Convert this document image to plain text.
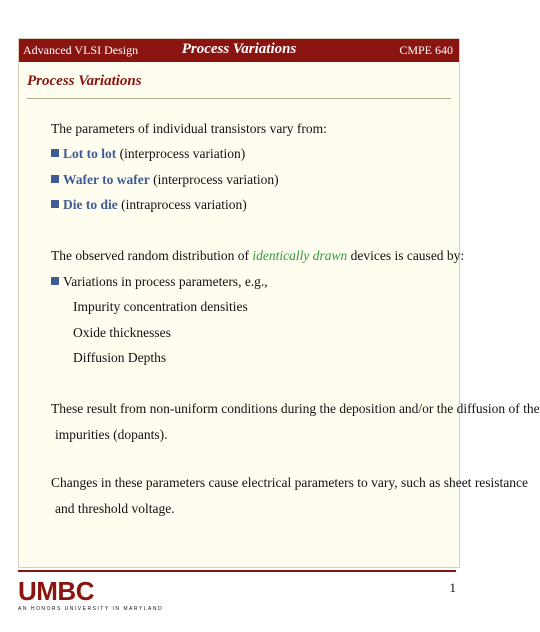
Advanced VLSI Design	Process Variations	CMPE 640
Process Variations
The parameters of individual transistors vary from:
Lot to lot (interprocess variation)
Wafer to wafer (interprocess variation)
Die to die (intraprocess variation)
The observed random distribution of identically drawn devices is caused by:
Variations in process parameters, e.g.,
Impurity concentration densities
Oxide thicknesses
Diffusion Depths
These result from non-uniform conditions during the deposition and/or the diffusion of the
impurities (dopants).
Changes in these parameters cause electrical parameters to vary, such as sheet resistance
and threshold voltage.
UMBC
AN HONORS UNIVERSITY IN MARYLAND
1
